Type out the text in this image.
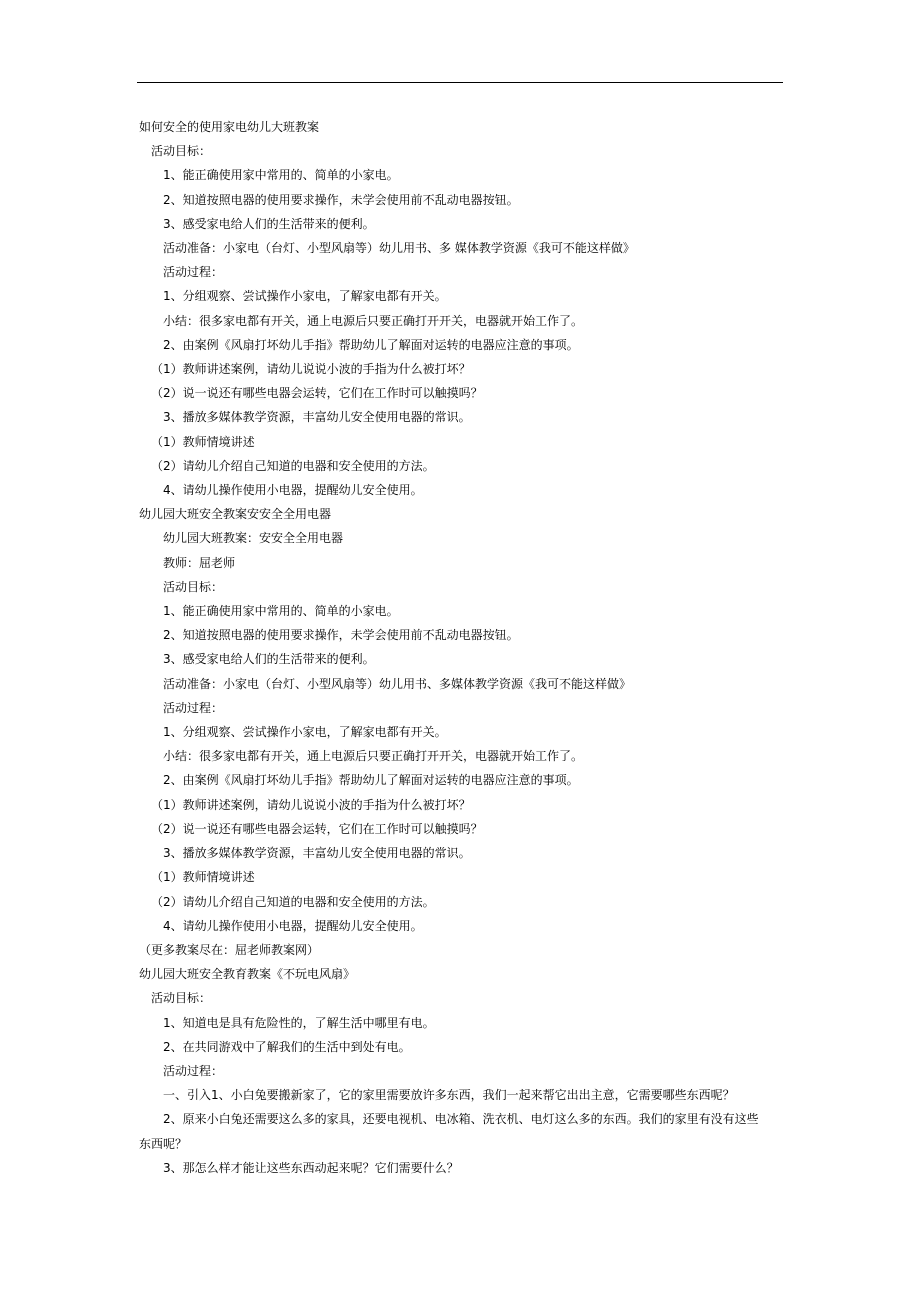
如何安全的使用家电幼儿大班教案
活动目标：
1、能正确使用家中常用的、简单的小家电。
2、知道按照电器的使用要求操作，未学会使用前不乱动电器按钮。
3、感受家电给人们的生活带来的便利。
活动准备：小家电（台灯、小型风扇等）幼儿用书、多 媒体教学资源《我可不能这样做》
活动过程：
1、分组观察、尝试操作小家电，了解家电都有开关。
小结：很多家电都有开关，通上电源后只要正确打开开关，电器就开始工作了。
2、由案例《风扇打坏幼儿手指》帮助幼儿了解面对运转的电器应注意的事项。
（1）教师讲述案例，请幼儿说说小波的手指为什么被打坏？
（2）说一说还有哪些电器会运转，它们在工作时可以触摸吗？
3、播放多媒体教学资源，丰富幼儿安全使用电器的常识。
（1）教师情境讲述
（2）请幼儿介绍自己知道的电器和安全使用的方法。
4、请幼儿操作使用小电器，提醒幼儿安全使用。
幼儿园大班安全教案安安全全用电器
幼儿园大班教案：安安全全用电器
教师：屈老师
活动目标：
1、能正确使用家中常用的、简单的小家电。
2、知道按照电器的使用要求操作，未学会使用前不乱动电器按钮。
3、感受家电给人们的生活带来的便利。
活动准备：小家电（台灯、小型风扇等）幼儿用书、多媒体教学资源《我可不能这样做》
活动过程：
1、分组观察、尝试操作小家电，了解家电都有开关。
小结：很多家电都有开关，通上电源后只要正确打开开关，电器就开始工作了。
2、由案例《风扇打坏幼儿手指》帮助幼儿了解面对运转的电器应注意的事项。
（1）教师讲述案例，请幼儿说说小波的手指为什么被打坏？
（2）说一说还有哪些电器会运转，它们在工作时可以触摸吗？
3、播放多媒体教学资源，丰富幼儿安全使用电器的常识。
（1）教师情境讲述
（2）请幼儿介绍自己知道的电器和安全使用的方法。
4、请幼儿操作使用小电器，提醒幼儿安全使用。
（更多教案尽在：屈老师教案网）
幼儿园大班安全教育教案《不玩电风扇》
活动目标：
1、知道电是具有危险性的，了解生活中哪里有电。
2、在共同游戏中了解我们的生活中到处有电。
活动过程：
一、引入1、小白兔要搬新家了，它的家里需要放许多东西，我们一起来帮它出出主意，它需要哪些东西呢？
2、原来小白兔还需要这么多的家具，还要电视机、电冰箱、洗衣机、电灯这么多的东西。我们的家里有没有这些
东西呢？
3、那怎么样才能让这些东西动起来呢？它们需要什么？
